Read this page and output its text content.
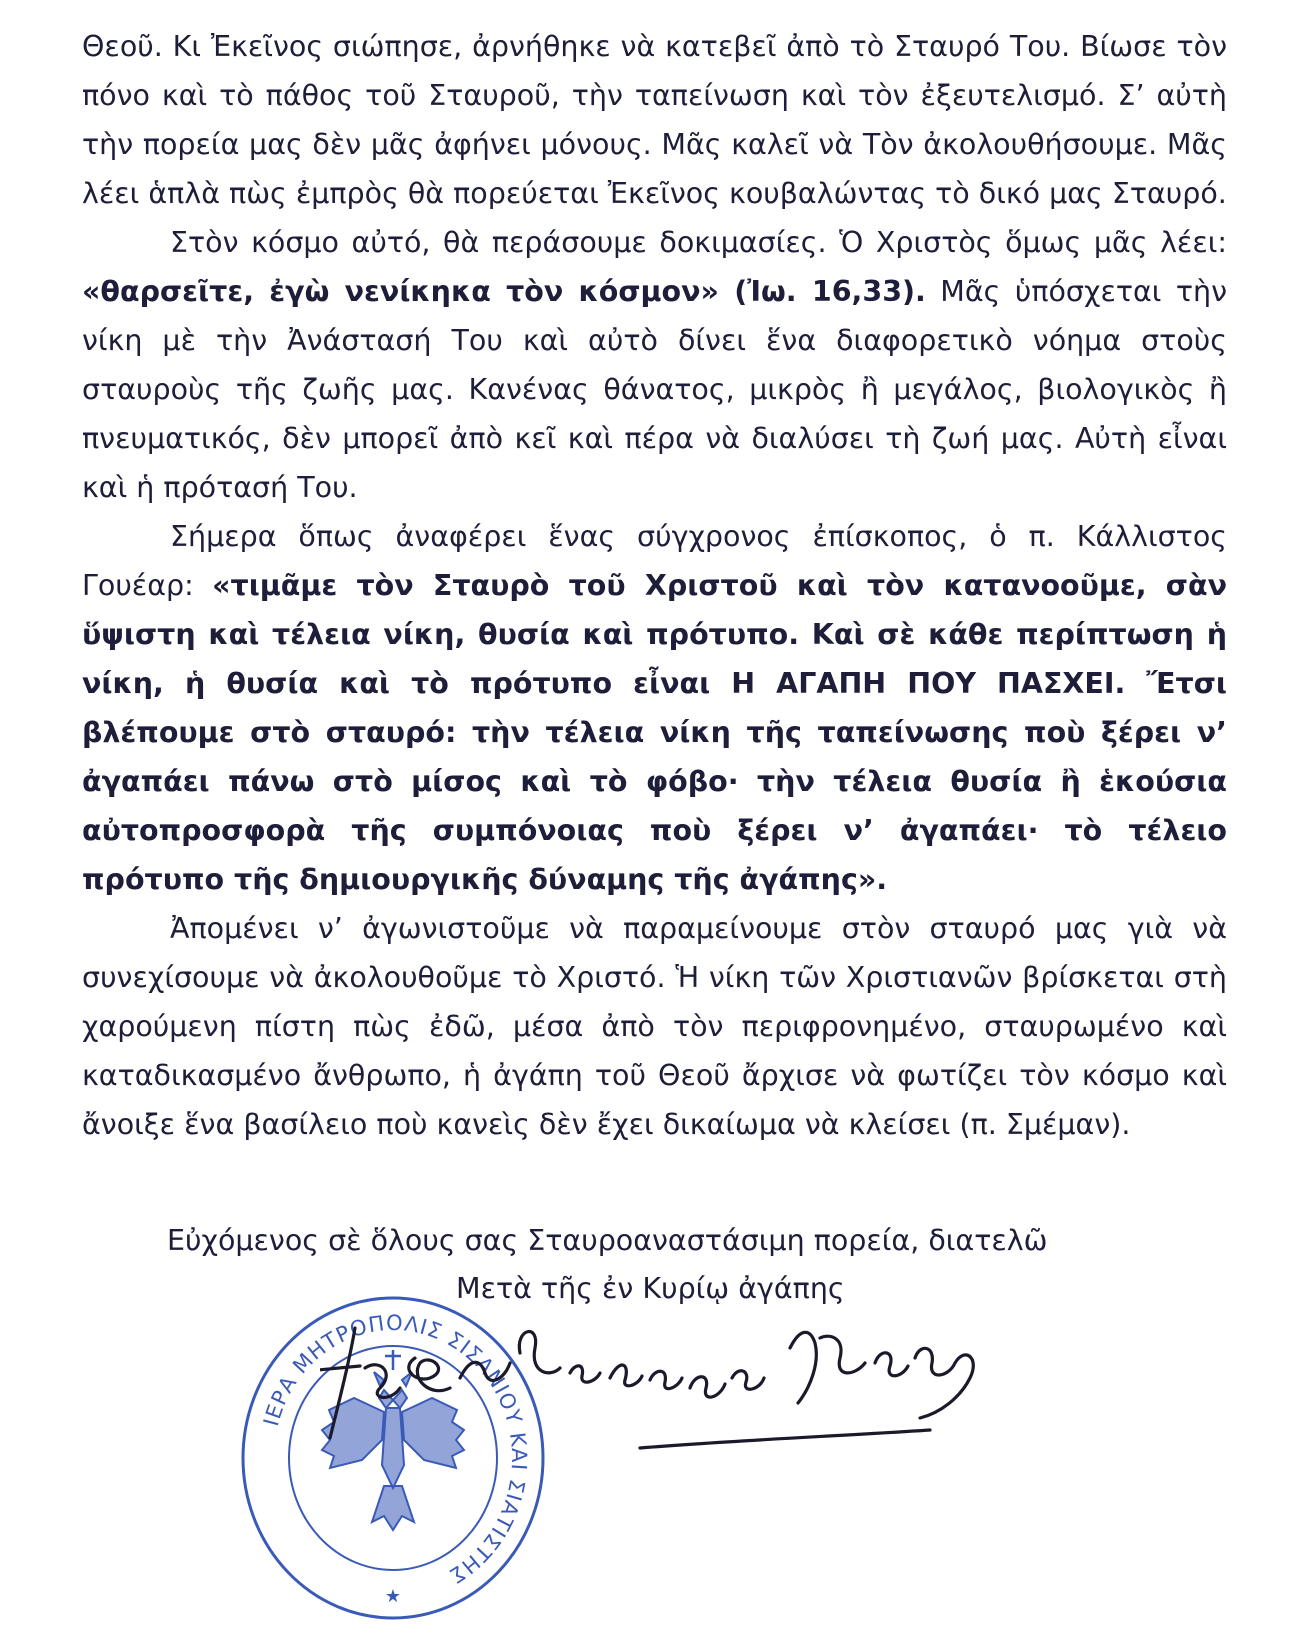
Θεοῦ. Κι Ἐκεῖνος σιώπησε, ἀρνήθηκε νὰ κατεβεῖ ἀπὸ τὸ Σταυρό Του. Βίωσε τὸν πόνο καὶ τὸ πάθος τοῦ Σταυροῦ, τὴν ταπείνωση καὶ τὸν ἐξευτελισμό. Σ’ αὐτὴ τὴν πορεία μας δὲν μᾶς ἀφήνει μόνους. Μᾶς καλεῖ νὰ Τὸν ἀκολουθήσουμε. Μᾶς λέει ἁπλὰ πὼς ἐμπρὸς θὰ πορεύεται Ἐκεῖνος κουβαλώντας τὸ δικό μας Σταυρό.

Στὸν κόσμο αὐτό, θὰ περάσουμε δοκιμασίες. Ὁ Χριστὸς ὅμως μᾶς λέει: «θαρσεῖτε, ἐγὼ νενίκηκα τὸν κόσμον» (Ἰω. 16,33). Μᾶς ὑπόσχεται τὴν νίκη μὲ τὴν Ἀνάστασή Του καὶ αὐτὸ δίνει ἕνα διαφορετικὸ νόημα στοὺς σταυροὺς τῆς ζωῆς μας. Κανένας θάνατος, μικρὸς ἢ μεγάλος, βιολογικὸς ἢ πνευματικός, δὲν μπορεῖ ἀπὸ κεῖ καὶ πέρα νὰ διαλύσει τὴ ζωή μας. Αὐτὴ εἶναι καὶ ἡ πρότασή Του.

Σήμερα ὅπως ἀναφέρει ἕνας σύγχρονος ἐπίσκοπος, ὁ π. Κάλλιστος Γουέαρ: «τιμᾶμε τὸν Σταυρὸ τοῦ Χριστοῦ καὶ τὸν κατανοοῦμε, σὰν ὕψιστη καὶ τέλεια νίκη, θυσία καὶ πρότυπο. Καὶ σὲ κάθε περίπτωση ἡ νίκη, ἡ θυσία καὶ τὸ πρότυπο εἶναι Η ΑΓΑΠΗ ΠΟΥ ΠΑΣΧΕΙ. Ἔτσι βλέπουμε στὸ σταυρό: τὴν τέλεια νίκη τῆς ταπείνωσης ποὺ ξέρει ν’ ἀγαπάει πάνω στὸ μίσος καὶ τὸ φόβο· τὴν τέλεια θυσία ἢ ἑκούσια αὐτοπροσφορὰ τῆς συμπόνοιας ποὺ ξέρει ν’ ἀγαπάει· τὸ τέλειο πρότυπο τῆς δημιουργικῆς δύναμης τῆς ἀγάπης».

Ἀπομένει ν’ ἀγωνιστοῦμε νὰ παραμείνουμε στὸν σταυρό μας γιὰ νὰ συνεχίσουμε νὰ ἀκολουθοῦμε τὸ Χριστό. Ἡ νίκη τῶν Χριστιανῶν βρίσκεται στὴ χαρούμενη πίστη πὼς ἐδῶ, μέσα ἀπὸ τὸν περιφρονημένο, σταυρωμένο καὶ καταδικασμένο ἄνθρωπο, ἡ ἀγάπη τοῦ Θεοῦ ἄρχισε νὰ φωτίζει τὸν κόσμο καὶ ἄνοιξε ἕνα βασίλειο ποὺ κανεὶς δὲν ἔχει δικαίωμα νὰ κλείσει (π. Σμέμαν).

Εὐχόμενος σὲ ὅλους σας Σταυροαναστάσιμη πορεία, διατελῶ
Μετὰ τῆς ἐν Κυρίῳ ἀγάπης
ΙΕΡΑ ΜΗΤΡΟΠΟΛΙΣ ΣΙΣΑΝΙΟΥ ΚΑΙ ΣΙΑΤΙΣΤΗΣ
★
